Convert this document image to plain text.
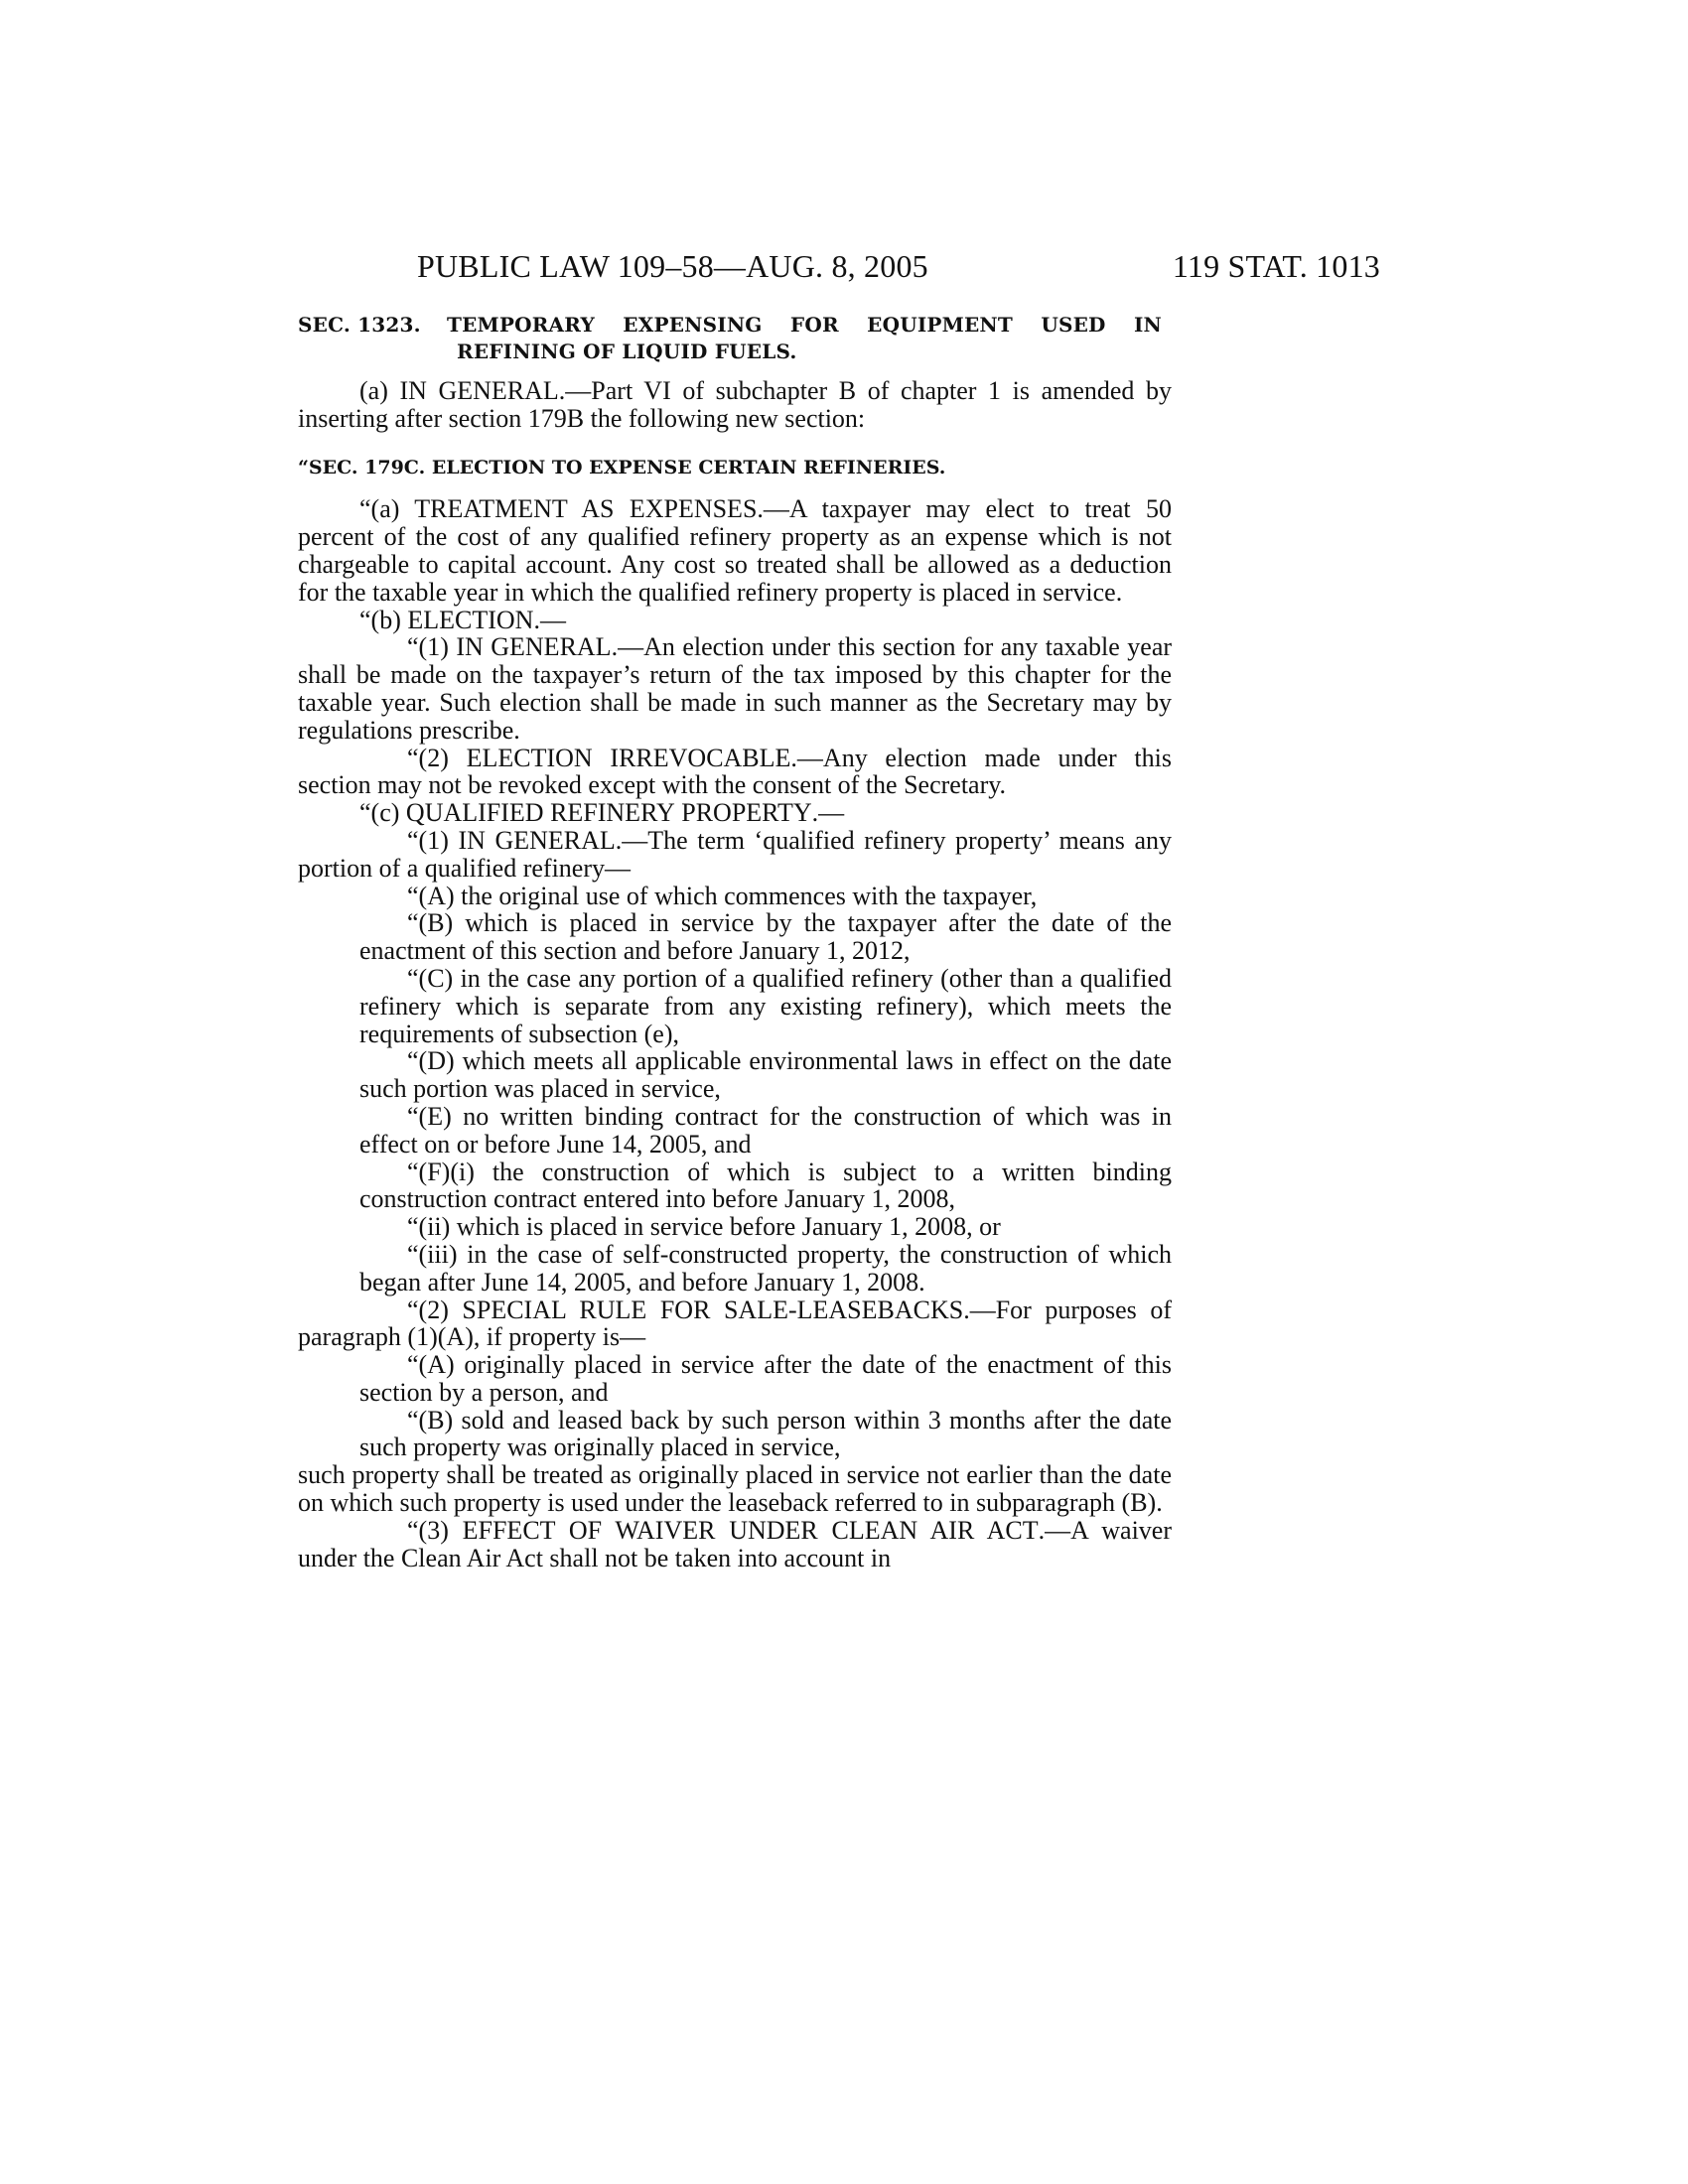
PUBLIC LAW 109–58—AUG. 8, 2005	119 STAT. 1013
SEC. 1323. TEMPORARY EXPENSING FOR EQUIPMENT USED IN
REFINING OF LIQUID FUELS.

(a) IN GENERAL.—Part VI of subchapter B of chapter 1 is amended by inserting after section 179B the following new section:

“SEC. 179C. ELECTION TO EXPENSE CERTAIN REFINERIES.

“(a) TREATMENT AS EXPENSES.—A taxpayer may elect to treat 50 percent of the cost of any qualified refinery property as an expense which is not chargeable to capital account. Any cost so treated shall be allowed as a deduction for the taxable year in which the qualified refinery property is placed in service.

“(b) ELECTION.—

“(1) IN GENERAL.—An election under this section for any taxable year shall be made on the taxpayer’s return of the tax imposed by this chapter for the taxable year. Such election shall be made in such manner as the Secretary may by regulations prescribe.

“(2) ELECTION IRREVOCABLE.—Any election made under this section may not be revoked except with the consent of the Secretary.

“(c) QUALIFIED REFINERY PROPERTY.—

“(1) IN GENERAL.—The term ‘qualified refinery property’ means any portion of a qualified refinery—

“(A) the original use of which commences with the taxpayer,

“(B) which is placed in service by the taxpayer after the date of the enactment of this section and before January 1, 2012,

“(C) in the case any portion of a qualified refinery (other than a qualified refinery which is separate from any existing refinery), which meets the requirements of subsection (e),

“(D) which meets all applicable environmental laws in effect on the date such portion was placed in service,

“(E) no written binding contract for the construction of which was in effect on or before June 14, 2005, and

“(F)(i) the construction of which is subject to a written binding construction contract entered into before January 1, 2008,

“(ii) which is placed in service before January 1, 2008, or

“(iii) in the case of self-constructed property, the construction of which began after June 14, 2005, and before January 1, 2008.

“(2) SPECIAL RULE FOR SALE-LEASEBACKS.—For purposes of paragraph (1)(A), if property is—

“(A) originally placed in service after the date of the enactment of this section by a person, and

“(B) sold and leased back by such person within 3 months after the date such property was originally placed in service,

such property shall be treated as originally placed in service not earlier than the date on which such property is used under the leaseback referred to in subparagraph (B).

“(3) EFFECT OF WAIVER UNDER CLEAN AIR ACT.—A waiver under the Clean Air Act shall not be taken into account in
